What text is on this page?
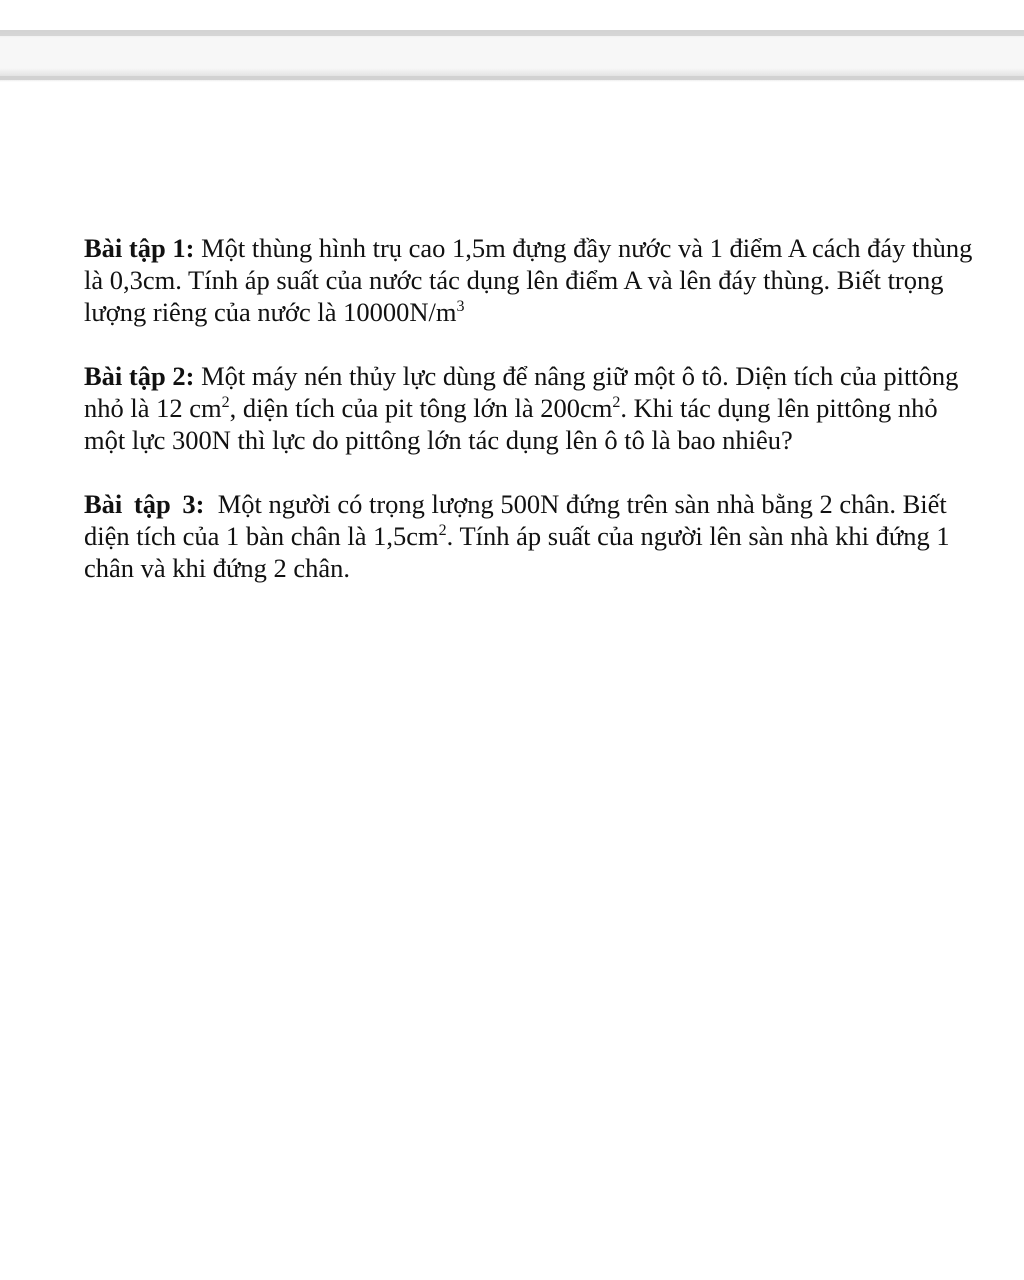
Bài tập 1: Một thùng hình trụ cao 1,5m đựng đầy nước và 1 điểm A cách đáy thùng là 0,3cm. Tính áp suất của nước tác dụng lên điểm A và lên đáy thùng. Biết trọng lượng riêng của nước là $10000N/m^3$

Bài tập 2: Một máy nén thủy lực dùng để nâng giữ một ô tô. Diện tích của pittông nhỏ là 12 $cm^2$, diện tích của pit tông lớn là $200cm^2$. Khi tác dụng lên pittông nhỏ một lực 300N thì lực do pittông lớn tác dụng lên ô tô là bao nhiêu?

Bài tập 3:  Một người có trọng lượng 500N đứng trên sàn nhà bằng 2 chân. Biết diện tích của 1 bàn chân là $1,5cm^2$. Tính áp suất của người lên sàn nhà khi đứng 1 chân và khi đứng 2 chân.
